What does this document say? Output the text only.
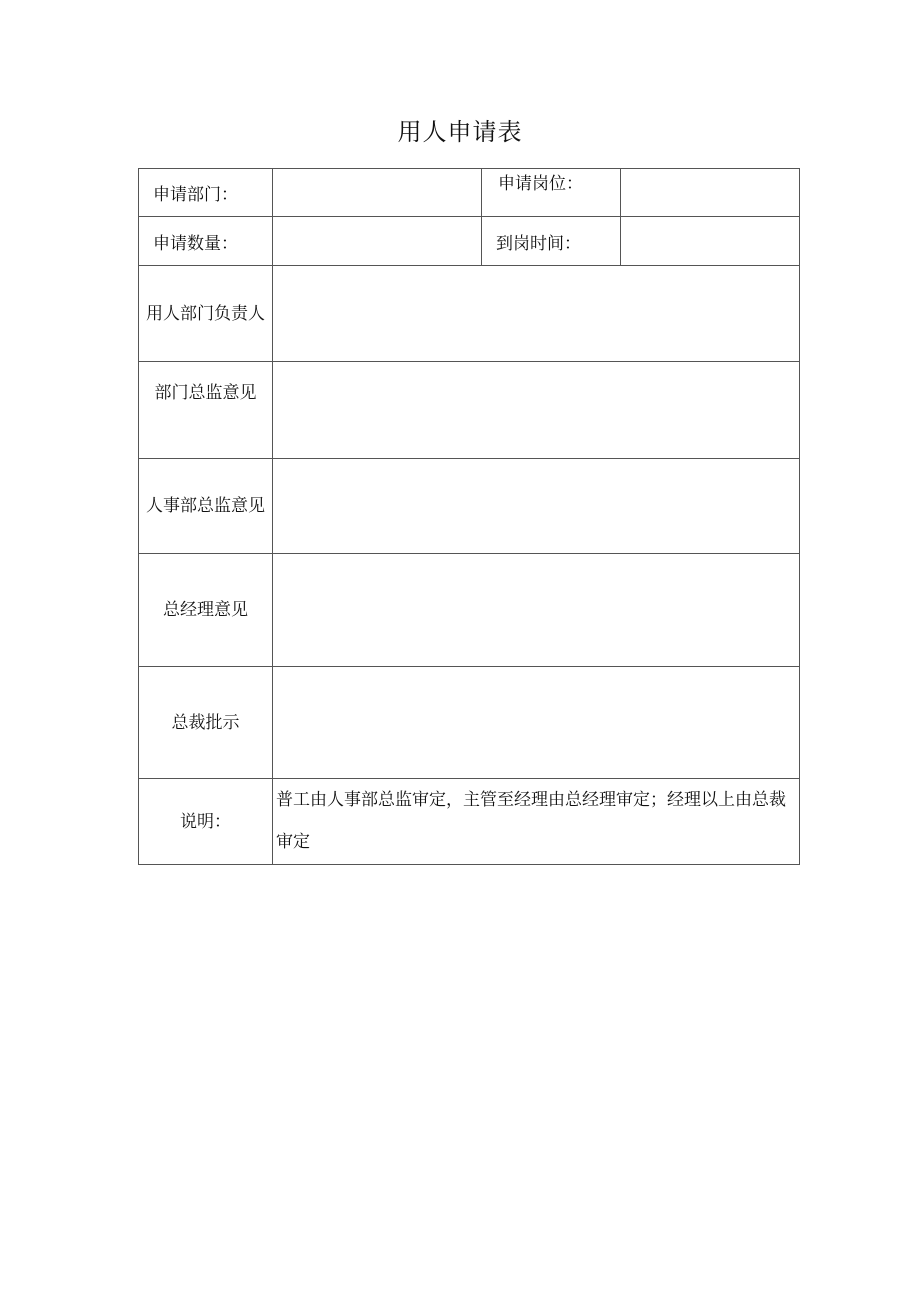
用人申请表
申请部门：		申请岗位：	
申请数量：		到岗时间：	
用人部门负责人			
部门总监意见			
人事部总监意见			
总经理意见			
总裁批示			
说明：	普工由人事部总监审定，主管至经理由总经理审定；经理以上由总裁审定		
